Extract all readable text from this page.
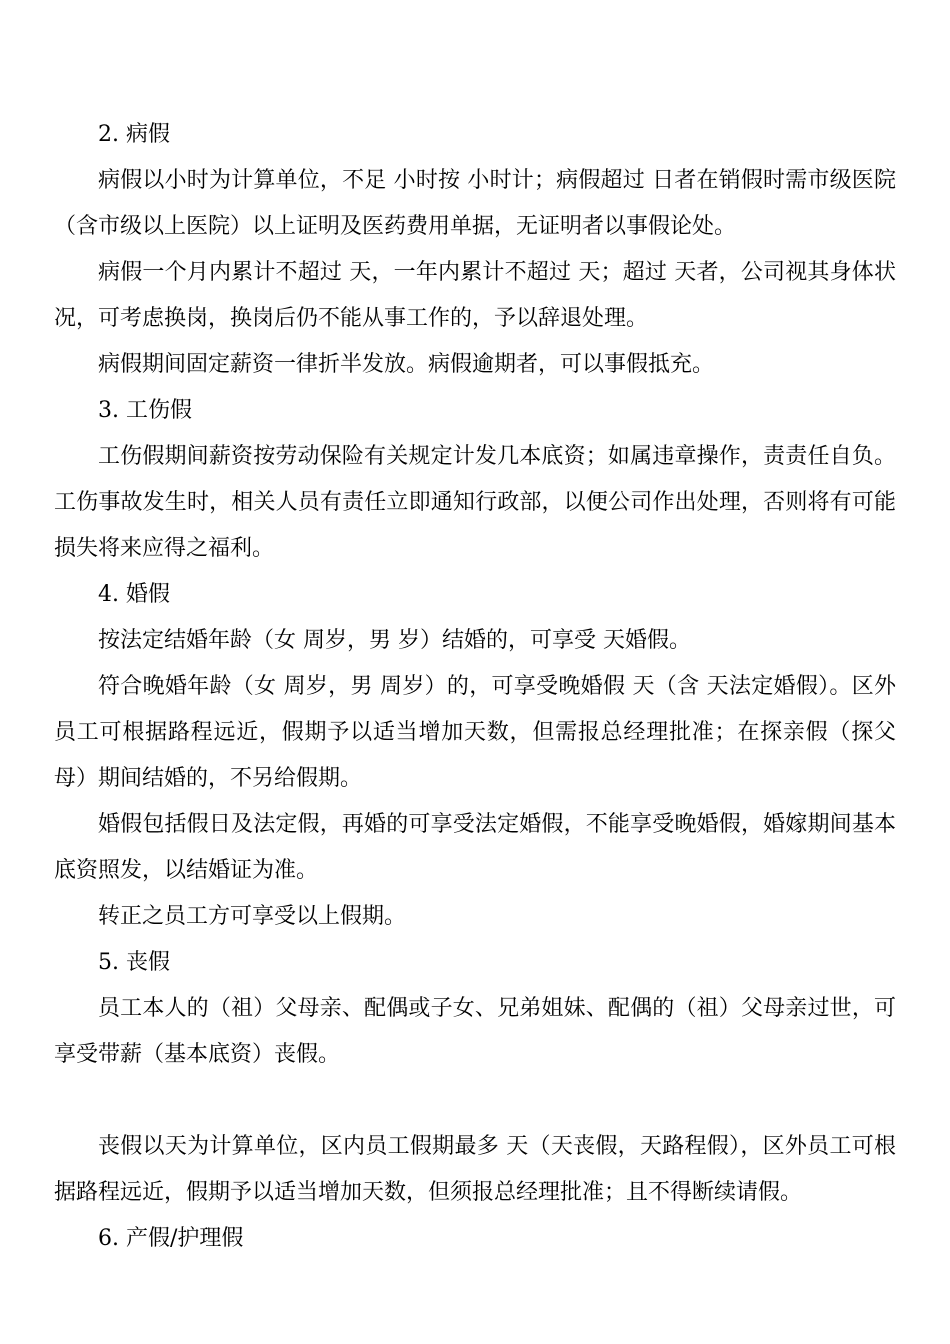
2. 病假

病假以小时为计算单位，不足 小时按 小时计；病假超过 日者在销假时需市级医院（含市级以上医院）以上证明及医药费用单据，无证明者以事假论处。

病假一个月内累计不超过 天，一年内累计不超过 天；超过 天者，公司视其身体状况，可考虑换岗，换岗后仍不能从事工作的，予以辞退处理。

病假期间固定薪资一律折半发放。病假逾期者，可以事假抵充。

3. 工伤假

工伤假期间薪资按劳动保险有关规定计发几本底资；如属违章操作，责责任自负。工伤事故发生时，相关人员有责任立即通知行政部，以便公司作出处理，否则将有可能损失将来应得之福利。

4. 婚假

按法定结婚年龄（女 周岁，男 岁）结婚的，可享受 天婚假。

符合晚婚年龄（女 周岁，男 周岁）的，可享受晚婚假 天（含 天法定婚假）。区外员工可根据路程远近，假期予以适当增加天数，但需报总经理批准；在探亲假（探父母）期间结婚的，不另给假期。

婚假包括假日及法定假，再婚的可享受法定婚假，不能享受晚婚假，婚嫁期间基本底资照发，以结婚证为准。

转正之员工方可享受以上假期。

5. 丧假

员工本人的（祖）父母亲、配偶或子女、兄弟姐妹、配偶的（祖）父母亲过世，可享受带薪（基本底资）丧假。

丧假以天为计算单位，区内员工假期最多 天（天丧假，天路程假），区外员工可根据路程远近，假期予以适当增加天数，但须报总经理批准；且不得断续请假。

6. 产假/护理假
